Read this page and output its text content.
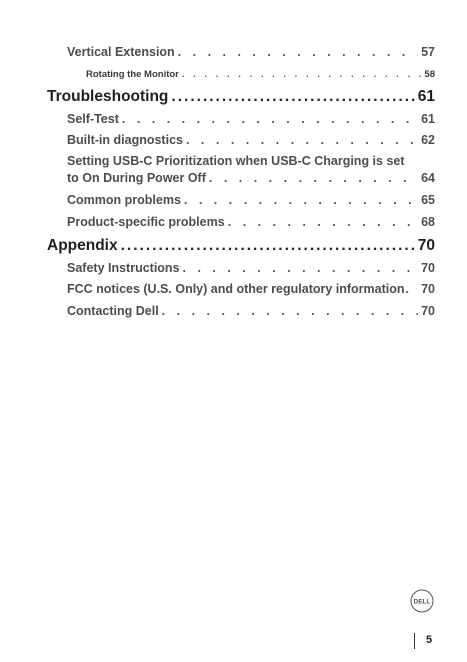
Vertical Extension . . .	57
Rotating the Monitor . . .	58
Troubleshooting .....	61
Self-Test . . .	61
Built-in diagnostics . . .	62
Setting USB-C Prioritization when USB-C Charging is set
to On During Power Off . . .	64
Common problems . . .	65
Product-specific problems . . .	68
Appendix .....	70
Safety Instructions . . .	70
FCC notices (U.S. Only) and other regulatory information . . . 70
Contacting Dell . . .	70
DELL
5
